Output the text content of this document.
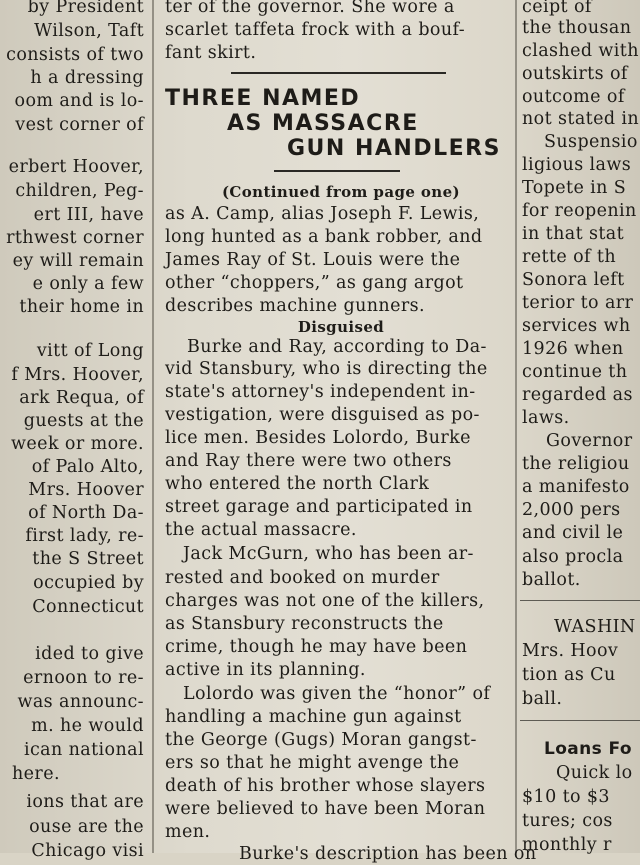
by President
Wilson, Taft
consists of two
h a dressing
oom and is lo-
vest corner of
erbert Hoover,
children, Peg-
ert III, have
rthwest corner
ey will remain
e only a few
their home in
vitt of Long
f Mrs. Hoover,
ark Requa, of
guests at the
week or more.
of Palo Alto,
Mrs. Hoover
of North Da-
first lady, re-
the S Street
occupied by
Connecticut
ided to give
ernoon to re-
was announc-
m. he would
ican national
here.
ions that are
ouse are the
Chicago visi
ter of the governor. She wore a
scarlet taffeta frock with a bouf-
fant skirt.
THREE NAMED
AS MASSACRE
GUN HANDLERS
(Continued from page one)
as A. Camp, alias Joseph F. Lewis,
long hunted as a bank robber, and
James Ray of St. Louis were the
other “choppers,” as gang argot
describes machine gunners.
Disguised
Burke and Ray, according to Da-
vid Stansbury, who is directing the
state's attorney's independent in-
vestigation, were disguised as po-
lice men. Besides Lolordo, Burke
and Ray there were two others
who entered the north Clark
street garage and participated in
the actual massacre.
Jack McGurn, who has been ar-
rested and booked on murder
charges was not one of the killers,
as Stansbury reconstructs the
crime, though he may have been
active in its planning.
Lolordo was given the “honor” of
handling a machine gun against
the George (Gugs) Moran gangst-
ers so that he might avenge the
death of his brother whose slayers
were believed to have been Moran
men.
Burke's description has been on
ceipt of
the thousan
clashed with
outskirts of
outcome of
not stated in
Suspensio
ligious laws
Topete in S
for reopenin
in that stat
rette of th
Sonora left
terior to arr
services wh
1926 when
continue th
regarded as
laws.
Governor
the religiou
a manifesto
2,000 pers
and civil le
also procla
ballot.
WASHIN
Mrs. Hoov
tion as Cu
ball.
Loans Fo
Quick lo
$10 to $3
tures; cos
monthly r
